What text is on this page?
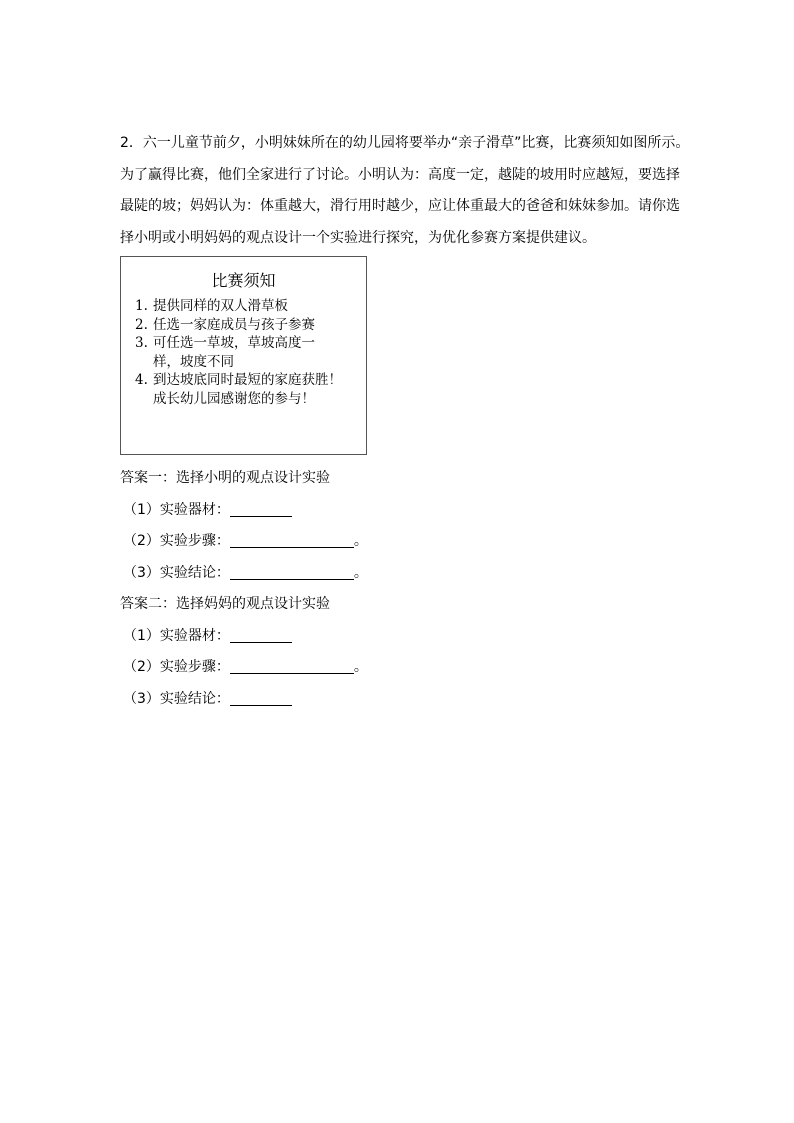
2．六一儿童节前夕，小明妹妹所在的幼儿园将要举办“亲子滑草”比赛，比赛须知如图所示。
为了赢得比赛，他们全家进行了讨论。小明认为：高度一定，越陡的坡用时应越短，要选择
最陡的坡；妈妈认为：体重越大，滑行用时越少，应让体重最大的爸爸和妹妹参加。请你选
择小明或小明妈妈的观点设计一个实验进行探究，为优化参赛方案提供建议。
比赛须知
1. 提供同样的双人滑草板
2. 任选一家庭成员与孩子参赛
3. 可任选一草坡，草坡高度一
样，坡度不同
4. 到达坡底同时最短的家庭获胜！
成长幼儿园感谢您的参与！
答案一：选择小明的观点设计实验
（1）实验器材：
（2）实验步骤：	。
（3）实验结论：	。
答案二：选择妈妈的观点设计实验
（1）实验器材：
（2）实验步骤：	。
（3）实验结论：
